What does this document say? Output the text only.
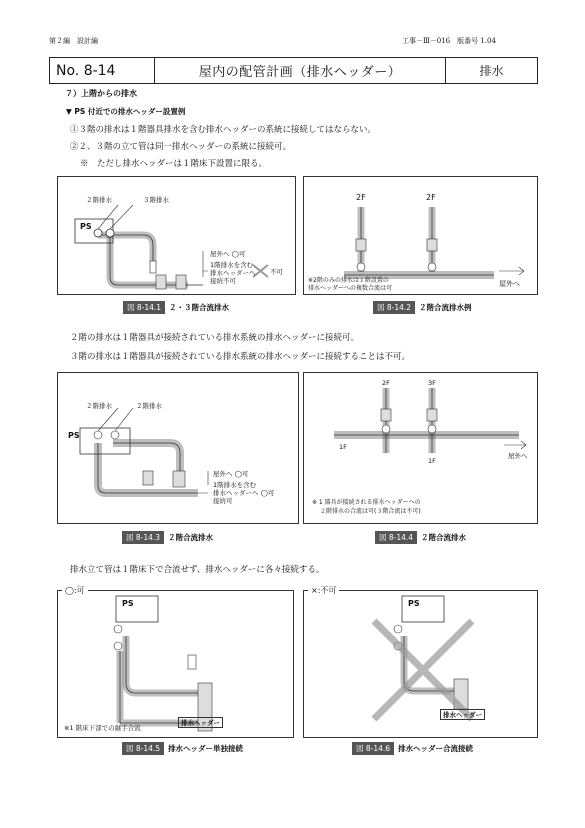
第２編　設計編	工事－Ⅲ－016　版番号 1.04
No. 8-14	屋内の配管計画（排水ヘッダー）	排水
７）上階からの排水
▼ PS 付近での排水ヘッダー設置例
①３階の排水は１階器具排水を含む排水ヘッダーの系統に接続してはならない。
②２、３階の立て管は同一排水ヘッダーの系統に接続可。
※　ただし排水ヘッダーは１階床下設置に限る。
２階排水	３階排水
PS
屋外へ ◯可
1階排水を含む
排水ヘッダーへ
接続不可
不可
図 8-14.1	２・３階合流排水
2F	2F
※2階のみの排水は１階設置の
排水ヘッダーへの複数合流は可
屋外へ
図 8-14.2	２階合流排水例
２階の排水は１階器具が接続されている排水系統の排水ヘッダーに接続可。
３階の排水は１階器具が接続されている排水系統の排水ヘッダーに接続することは不可。
２階排水	２階排水
PS
屋外へ ◯可
1階排水を含む
排水ヘッダーへ ◯可
接続可
図 8-14.3	２階合流排水
2F	3F
1F
1F
屋外へ
※ 1 器具が接続される排水ヘッダーへの
２階排水の合流は可(３階合流は不可)
図 8-14.4	２階合流排水
排水立て管は１階床下で合流せず、排水ヘッダーに各々接続する。
◯:可
PS
※1 階床下部での継手合流
排水ヘッダー
図 8-14.5	排水ヘッダー単独接続
×:不可
PS
排水ヘッダー
図 8-14.6	排水ヘッダー合流接続
